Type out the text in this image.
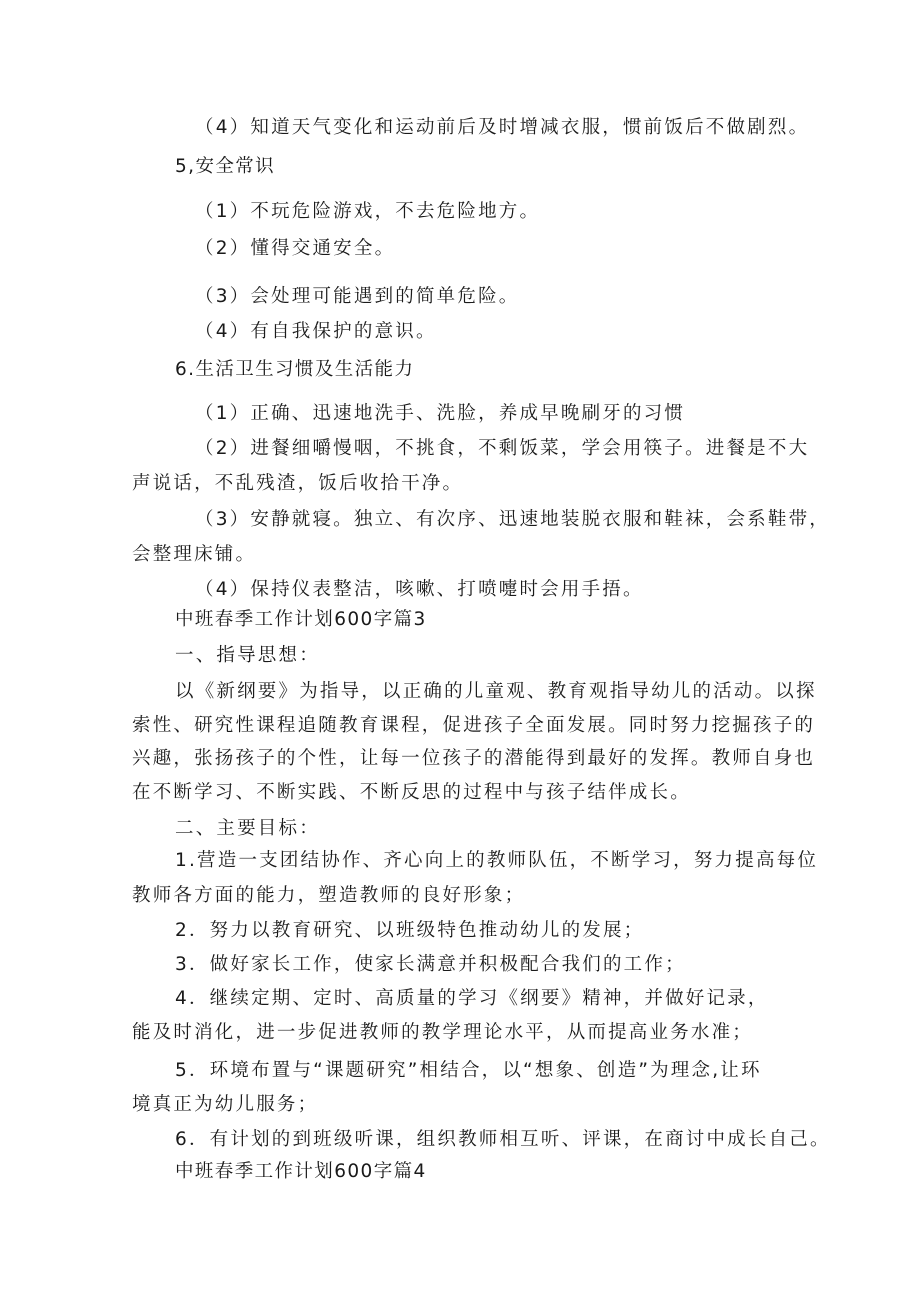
（4）知道天气变化和运动前后及时增减衣服，惯前饭后不做剧烈。
5,安全常识
（1）不玩危险游戏，不去危险地方。
（2）懂得交通安全。
（3）会处理可能遇到的简单危险。
（4）有自我保护的意识。
6.生活卫生习惯及生活能力
（1）正确、迅速地洗手、洗脸，养成早晚刷牙的习惯
（2）进餐细嚼慢咽，不挑食，不剩饭菜，学会用筷子。进餐是不大
声说话，不乱残渣，饭后收拾干净。
（3）安静就寝。独立、有次序、迅速地装脱衣服和鞋袜，会系鞋带，
会整理床铺。
（4）保持仪表整洁，咳嗽、打喷嚏时会用手捂。
中班春季工作计划600字篇3
一、指导思想：
以《新纲要》为指导，以正确的儿童观、教育观指导幼儿的活动。以探
索性、研究性课程追随教育课程，促进孩子全面发展。同时努力挖掘孩子的
兴趣，张扬孩子的个性，让每一位孩子的潜能得到最好的发挥。教师自身也
在不断学习、不断实践、不断反思的过程中与孩子结伴成长。
二、主要目标：
1.营造一支团结协作、齐心向上的教师队伍，不断学习，努力提高每位
教师各方面的能力，塑造教师的良好形象；
2．努力以教育研究、以班级特色推动幼儿的发展；
3．做好家长工作，使家长满意并积极配合我们的工作；
4．继续定期、定时、高质量的学习《纲要》精神，并做好记录，
能及时消化，进一步促进教师的教学理论水平，从而提高业务水准；
5．环境布置与“课题研究”相结合，以“想象、创造”为理念,让环
境真正为幼儿服务；
6．有计划的到班级听课，组织教师相互听、评课，在商讨中成长自己。
中班春季工作计划600字篇4
